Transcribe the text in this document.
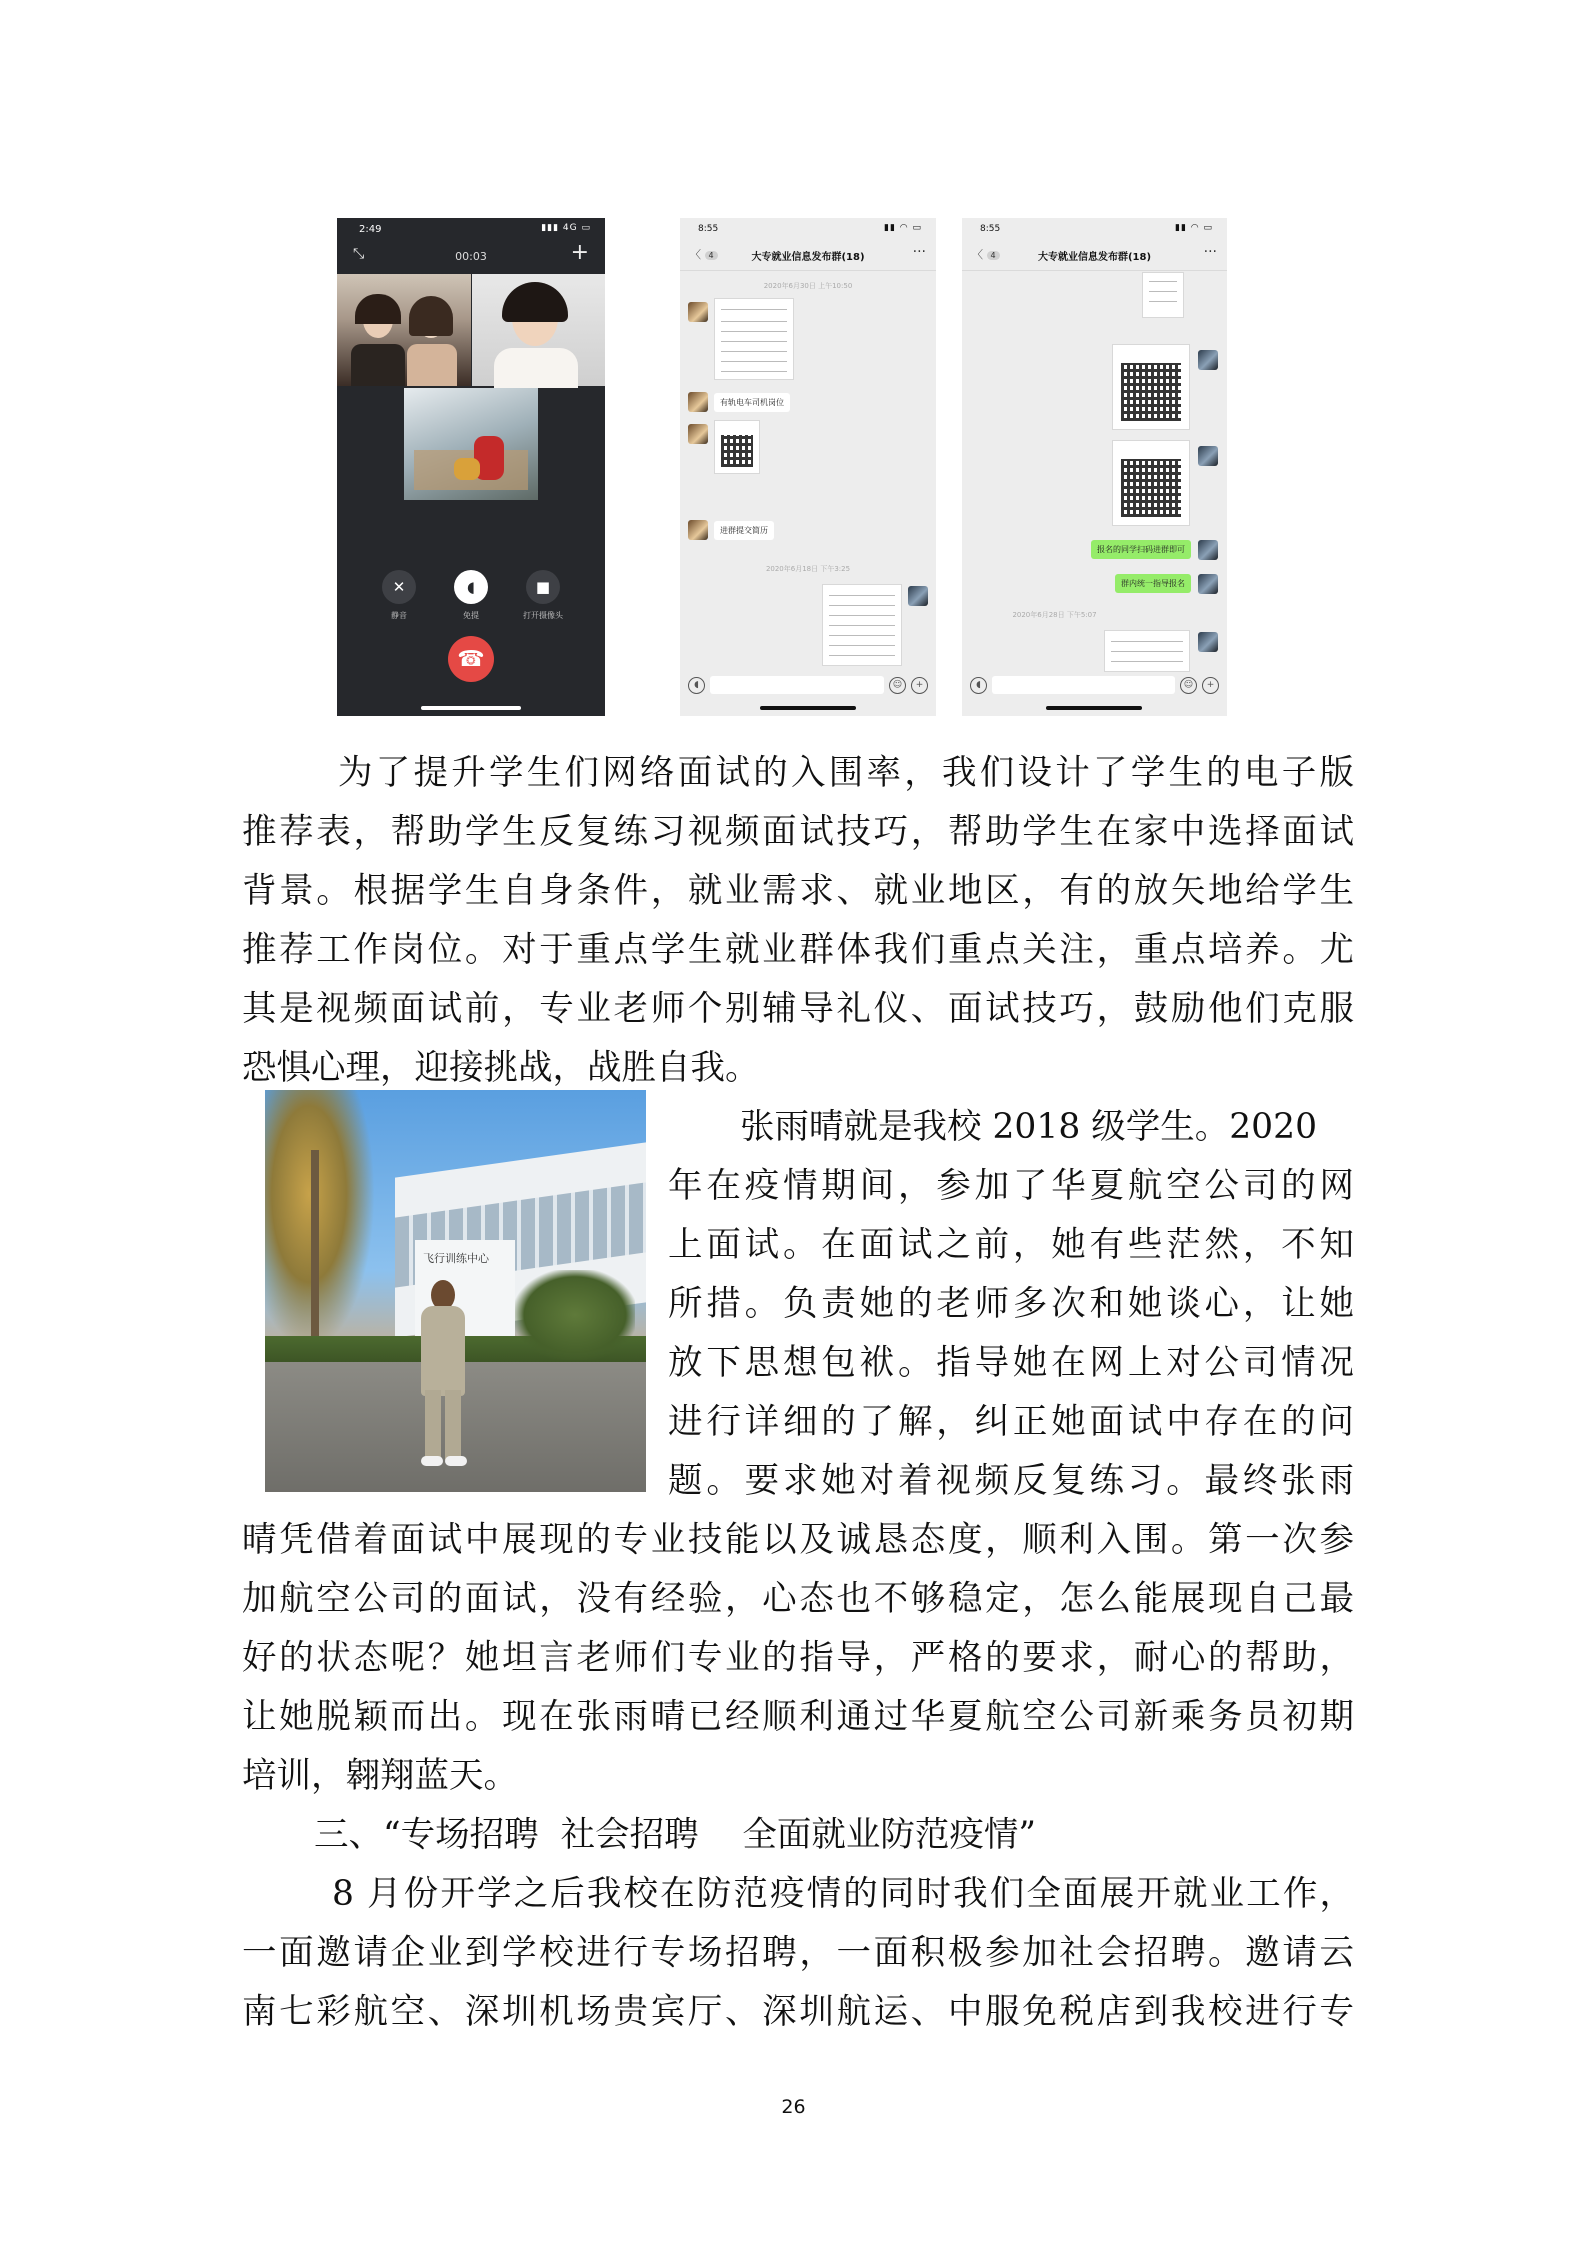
2:49	▮▮▮ 4G ▭
⤡	00:03	+
✕
静音
◖
免提
■
打开摄像头
☎
8:55	▮▮ ◠ ▭
〈 4	大专就业信息发布群(18)	···
2020年6月30日 上午10:50
有轨电车司机岗位
进群提交简历
2020年6月18日 下午3:25
◖	☺	+
8:55	▮▮ ◠ ▭
〈 4	大专就业信息发布群(18)	···
报名的同学扫码进群即可
群内统一指导报名
2020年6月28日 下午5:07
◖	☺	+
为了提升学生们网络面试的入围率，我们设计了学生的电子版
推荐表，帮助学生反复练习视频面试技巧，帮助学生在家中选择面试
背景。根据学生自身条件，就业需求、就业地区，有的放矢地给学生
推荐工作岗位。对于重点学生就业群体我们重点关注，重点培养。尤
其是视频面试前，专业老师个别辅导礼仪、面试技巧，鼓励他们克服
恐惧心理，迎接挑战，战胜自我。
飞行训练中心
张雨晴就是我校 2018 级学生。2020
年在疫情期间，参加了华夏航空公司的网
上面试。在面试之前，她有些茫然，不知
所措。负责她的老师多次和她谈心，让她
放下思想包袱。指导她在网上对公司情况
进行详细的了解，纠正她面试中存在的问
题。要求她对着视频反复练习。最终张雨
晴凭借着面试中展现的专业技能以及诚恳态度，顺利入围。第一次参
加航空公司的面试，没有经验，心态也不够稳定，怎么能展现自己最
好的状态呢？她坦言老师们专业的指导，严格的要求，耐心的帮助，
让她脱颖而出。现在张雨晴已经顺利通过华夏航空公司新乘务员初期
培训，翱翔蓝天。
三、“专场招聘  社会招聘    全面就业防范疫情”
8 月份开学之后我校在防范疫情的同时我们全面展开就业工作，
一面邀请企业到学校进行专场招聘，一面积极参加社会招聘。邀请云
南七彩航空、深圳机场贵宾厅、深圳航运、中服免税店到我校进行专
26
